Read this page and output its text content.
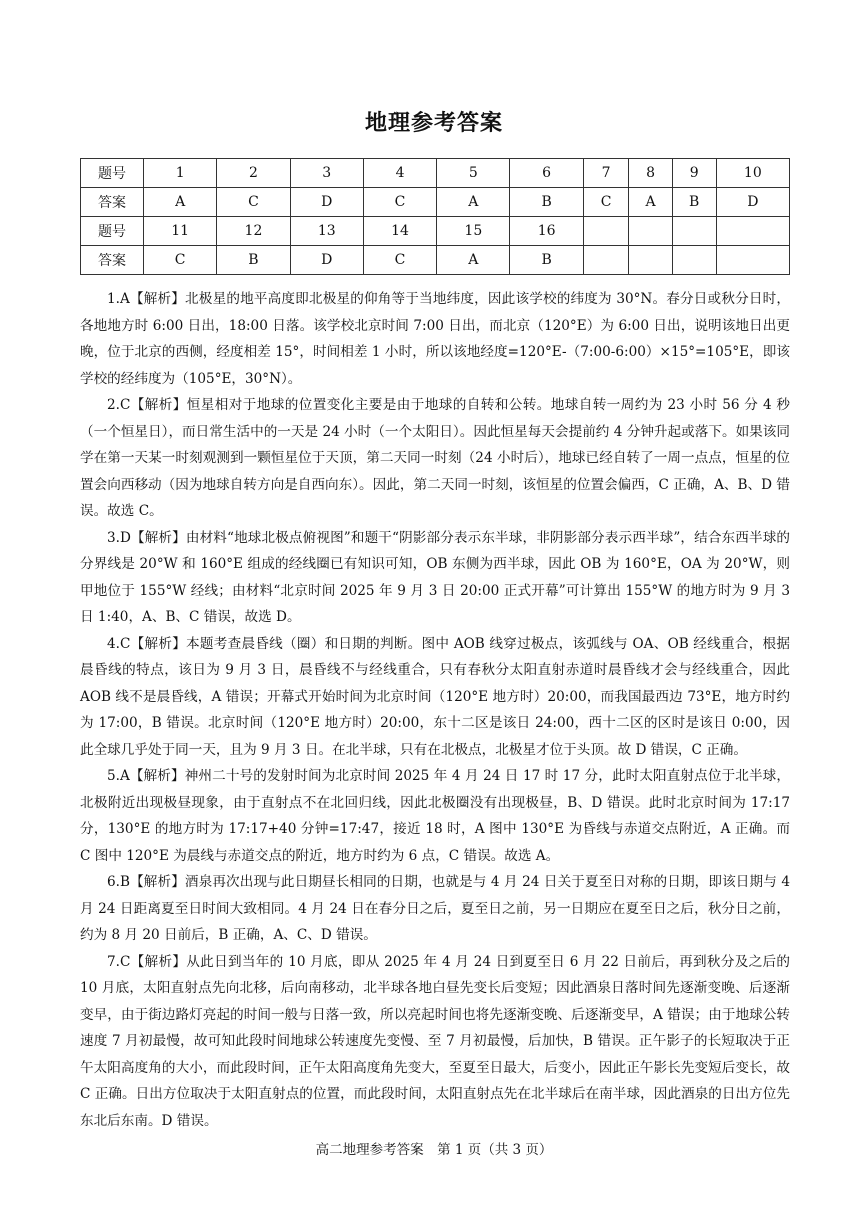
地理参考答案
题号	1	2	3	4	5	6	7	8	9	10
答案	A	C	D	C	A	B	C	A	B	D
题号	11	12	13	14	15	16				
答案	C	B	D	C	A	B				

1.A【解析】北极星的地平高度即北极星的仰角等于当地纬度，因此该学校的纬度为 30°N。春分日或秋分日时，各地地方时 6:00 日出，18:00 日落。该学校北京时间 7:00 日出，而北京（120°E）为 6:00 日出，说明该地日出更晚，位于北京的西侧，经度相差 15°，时间相差 1 小时，所以该地经度=120°E-（7:00-6:00）×15°=105°E，即该学校的经纬度为（105°E，30°N）。

2.C【解析】恒星相对于地球的位置变化主要是由于地球的自转和公转。地球自转一周约为 23 小时 56 分 4 秒（一个恒星日），而日常生活中的一天是 24 小时（一个太阳日）。因此恒星每天会提前约 4 分钟升起或落下。如果该同学在第一天某一时刻观测到一颗恒星位于天顶，第二天同一时刻（24 小时后），地球已经自转了一周一点点，恒星的位置会向西移动（因为地球自转方向是自西向东）。因此，第二天同一时刻，该恒星的位置会偏西，C 正确，A、B、D 错误。故选 C。

3.D【解析】由材料“地球北极点俯视图”和题干“阴影部分表示东半球，非阴影部分表示西半球”，结合东西半球的分界线是 20°W 和 160°E 组成的经线圈已有知识可知，OB 东侧为西半球，因此 OB 为 160°E，OA 为 20°W，则甲地位于 155°W 经线；由材料“北京时间 2025 年 9 月 3 日 20:00 正式开幕”可计算出 155°W 的地方时为 9 月 3 日 1:40，A、B、C 错误，故选 D。

4.C【解析】本题考查晨昏线（圈）和日期的判断。图中 AOB 线穿过极点，该弧线与 OA、OB 经线重合，根据晨昏线的特点，该日为 9 月 3 日，晨昏线不与经线重合，只有春秋分太阳直射赤道时晨昏线才会与经线重合，因此 AOB 线不是晨昏线，A 错误；开幕式开始时间为北京时间（120°E 地方时）20:00，而我国最西边 73°E，地方时约为 17:00，B 错误。北京时间（120°E 地方时）20:00，东十二区是该日 24:00，西十二区的区时是该日 0:00，因此全球几乎处于同一天，且为 9 月 3 日。在北半球，只有在北极点，北极星才位于头顶。故 D 错误，C 正确。

5.A【解析】神州二十号的发射时间为北京时间 2025 年 4 月 24 日 17 时 17 分，此时太阳直射点位于北半球，北极附近出现极昼现象，由于直射点不在北回归线，因此北极圈没有出现极昼，B、D 错误。此时北京时间为 17:17 分，130°E 的地方时为 17:17+40 分钟=17:47，接近 18 时，A 图中 130°E 为昏线与赤道交点附近，A 正确。而 C 图中 120°E 为晨线与赤道交点的附近，地方时约为 6 点，C 错误。故选 A。

6.B【解析】酒泉再次出现与此日期昼长相同的日期，也就是与 4 月 24 日关于夏至日对称的日期，即该日期与 4 月 24 日距离夏至日时间大致相同。4 月 24 日在春分日之后，夏至日之前，另一日期应在夏至日之后，秋分日之前，约为 8 月 20 日前后，B 正确，A、C、D 错误。

7.C【解析】从此日到当年的 10 月底，即从 2025 年 4 月 24 日到夏至日 6 月 22 日前后，再到秋分及之后的 10 月底，太阳直射点先向北移，后向南移动，北半球各地白昼先变长后变短；因此酒泉日落时间先逐渐变晚、后逐渐变早，由于街边路灯亮起的时间一般与日落一致，所以亮起时间也将先逐渐变晚、后逐渐变早，A 错误；由于地球公转速度 7 月初最慢，故可知此段时间地球公转速度先变慢、至 7 月初最慢，后加快，B 错误。正午影子的长短取决于正午太阳高度角的大小，而此段时间，正午太阳高度角先变大，至夏至日最大，后变小，因此正午影长先变短后变长，故 C 正确。日出方位取决于太阳直射点的位置，而此段时间，太阳直射点先在北半球后在南半球，因此酒泉的日出方位先东北后东南。D 错误。

高二地理参考答案　第 1 页（共 3 页）
